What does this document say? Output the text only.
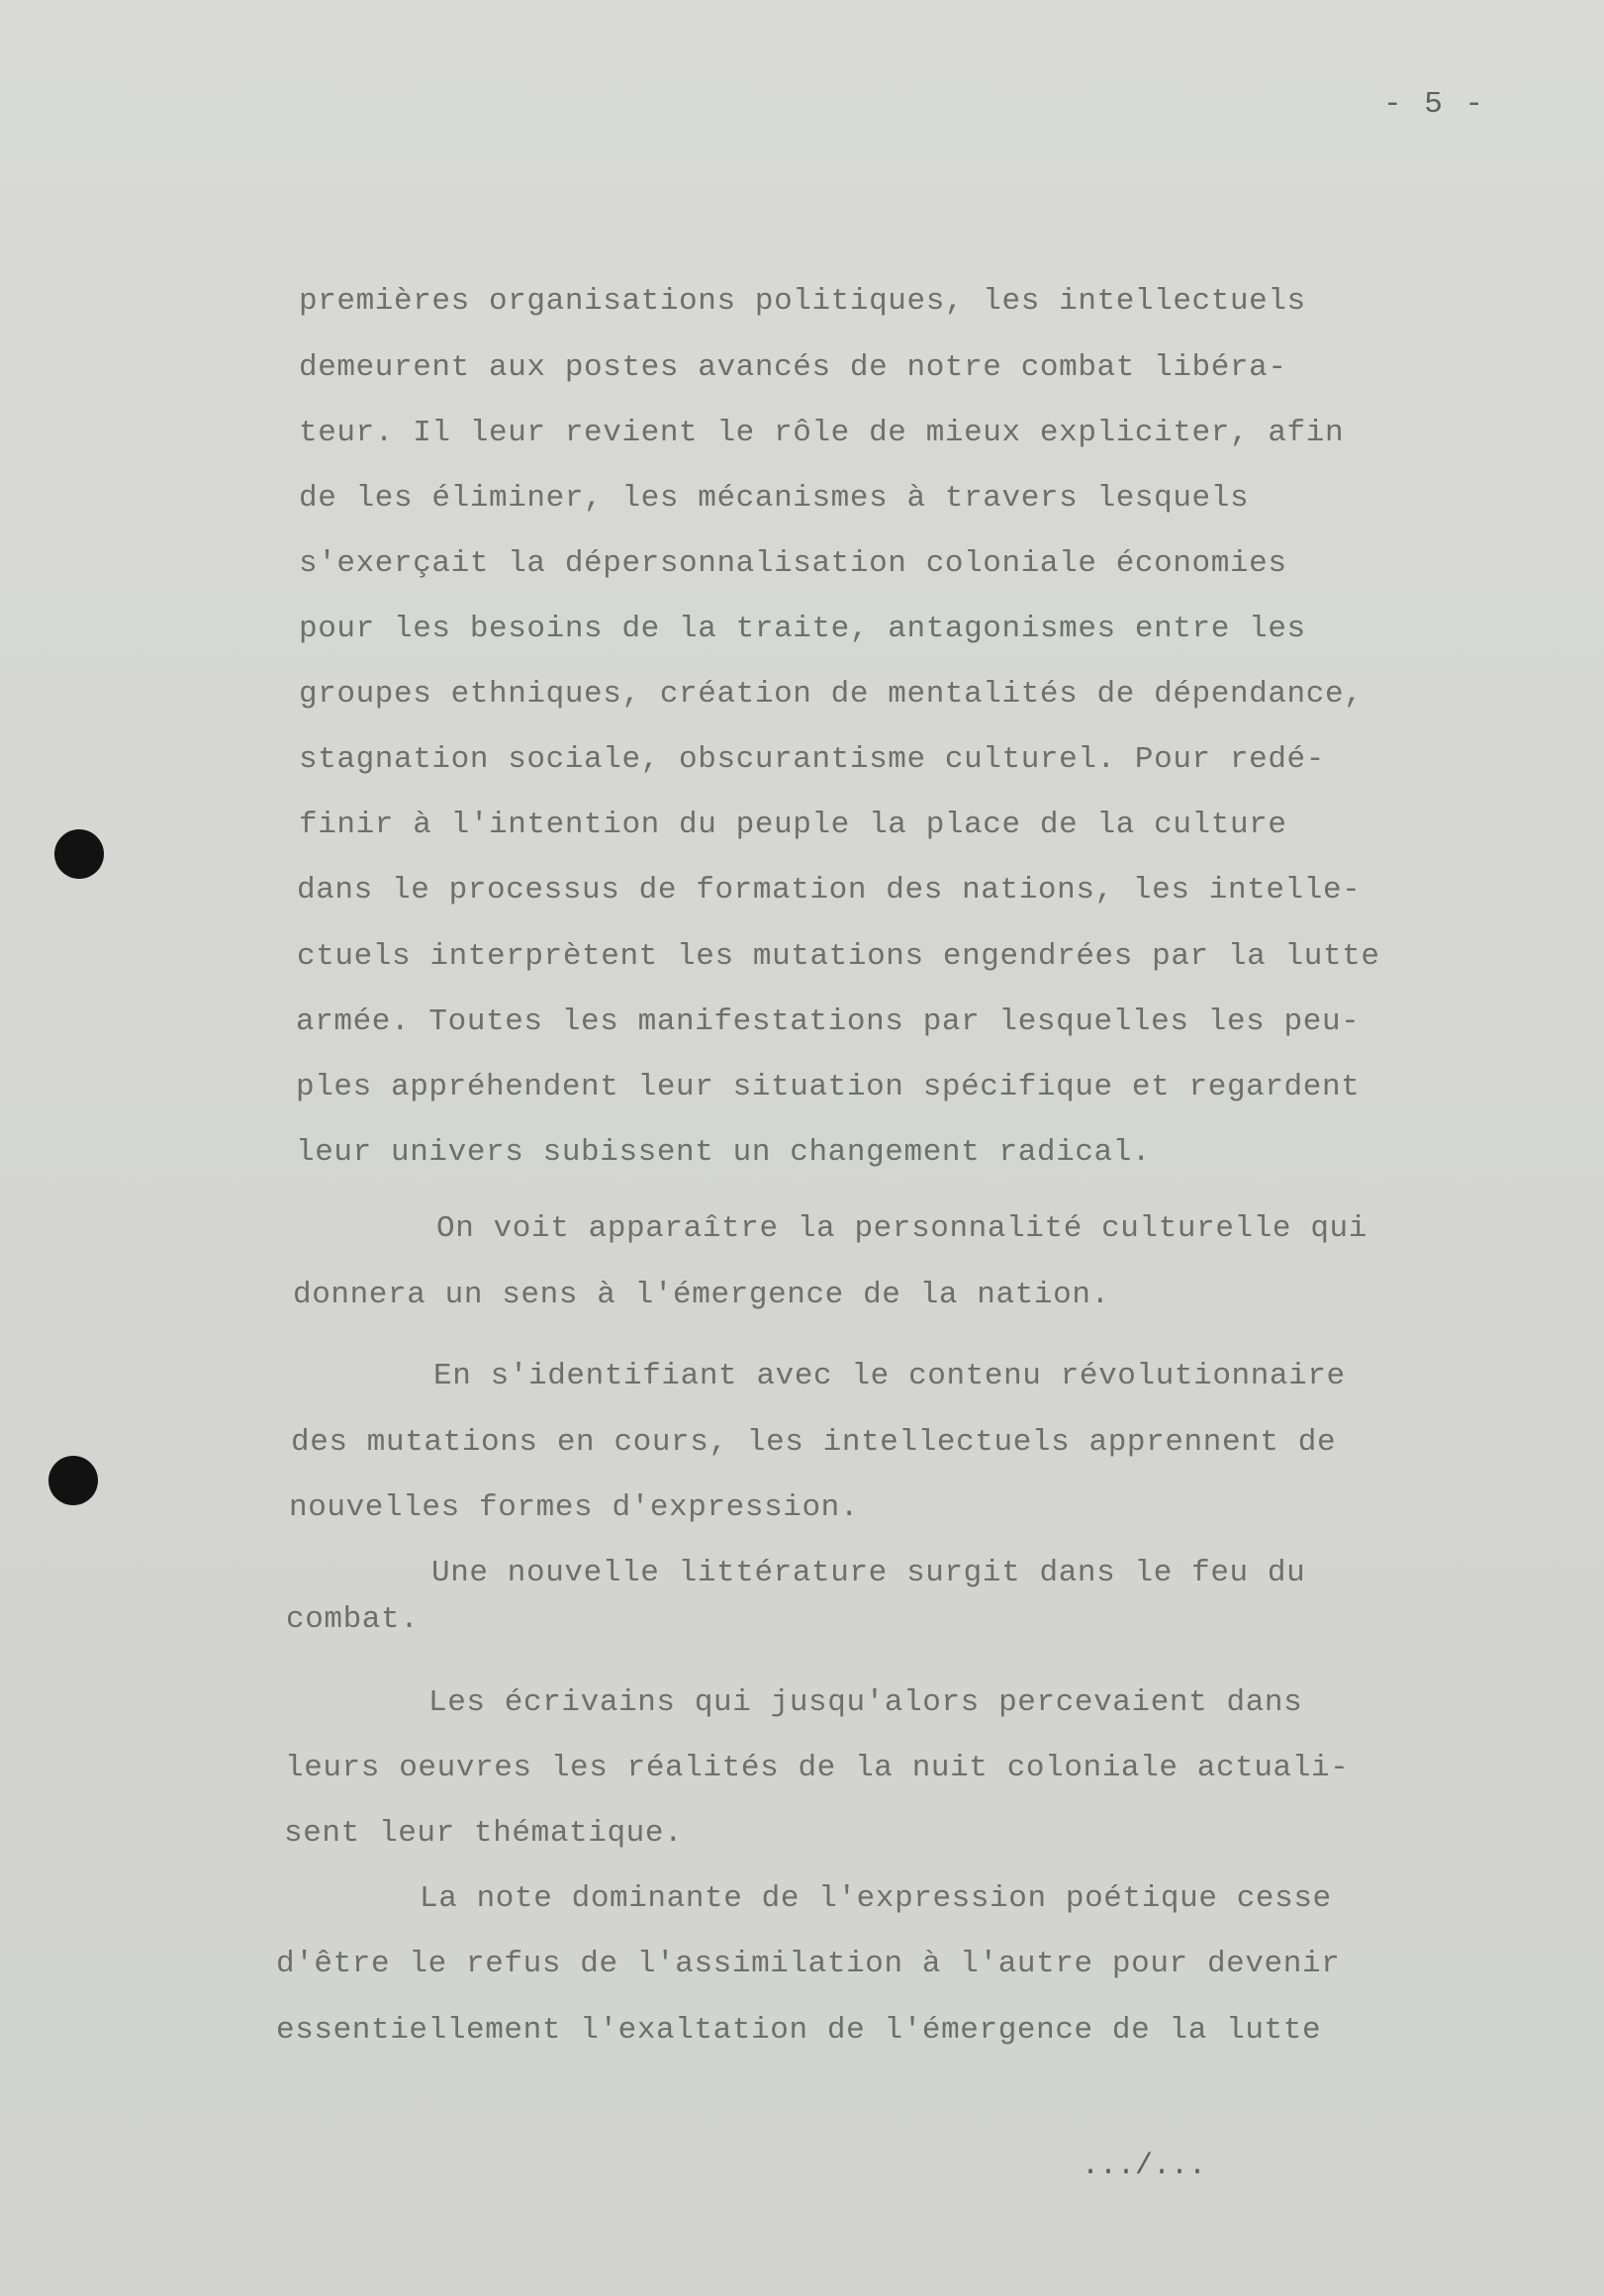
- 5 -
premières organisations politiques, les intellectuels
demeurent aux postes avancés de notre combat libéra-
teur. Il leur revient le rôle de mieux expliciter, afin
de les éliminer, les mécanismes à travers lesquels
s'exerçait la dépersonnalisation coloniale économies
pour les besoins de la traite, antagonismes entre les
groupes ethniques, création de mentalités de dépendance,
stagnation sociale, obscurantisme culturel. Pour redé-
finir à l'intention du peuple la place de la culture
dans le processus de formation des nations, les intelle-
ctuels interprètent les mutations engendrées par la lutte
armée. Toutes les manifestations par lesquelles les peu-
ples appréhendent leur situation spécifique et regardent
leur univers subissent un changement radical.
On voit apparaître la personnalité culturelle qui
donnera un sens à l'émergence de la nation.
En s'identifiant avec le contenu révolutionnaire
des mutations en cours, les intellectuels apprennent de
nouvelles formes d'expression.
Une nouvelle littérature surgit dans le feu du
combat.
Les écrivains qui jusqu'alors percevaient dans
leurs oeuvres les réalités de la nuit coloniale actuali-
sent leur thématique.
La note dominante de l'expression poétique cesse
d'être le refus de l'assimilation à l'autre pour devenir
essentiellement l'exaltation de l'émergence de la lutte
.../...
